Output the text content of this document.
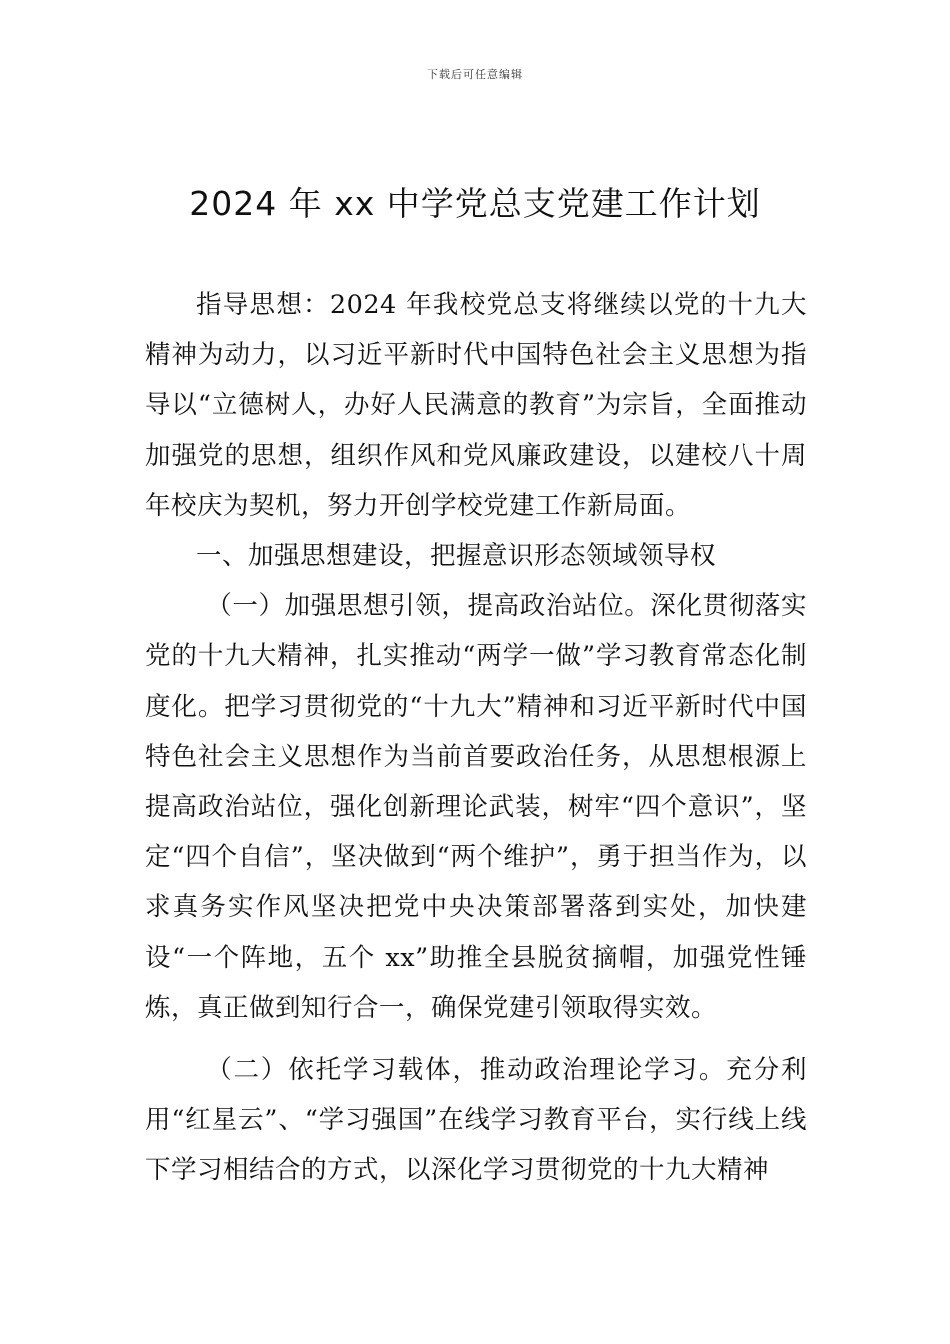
下载后可任意编辑
2024 年 xx 中学党总支党建工作计划

指导思想：2024 年我校党总支将继续以党的十九大精神为动力，以习近平新时代中国特色社会主义思想为指导以“立德树人，办好人民满意的教育”为宗旨，全面推动加强党的思想，组织作风和党风廉政建设，以建校八十周年校庆为契机，努力开创学校党建工作新局面。

一、加强思想建设，把握意识形态领域领导权

（一）加强思想引领，提高政治站位。深化贯彻落实党的十九大精神，扎实推动“两学一做”学习教育常态化制度化。把学习贯彻党的“十九大”精神和习近平新时代中国特色社会主义思想作为当前首要政治任务，从思想根源上提高政治站位，强化创新理论武装，树牢“四个意识”，坚定“四个自信”，坚决做到“两个维护”，勇于担当作为，以求真务实作风坚决把党中央决策部署落到实处，加快建设“一个阵地，五个 xx”助推全县脱贫摘帽，加强党性锤炼，真正做到知行合一，确保党建引领取得实效。

（二）依托学习载体，推动政治理论学习。充分利用“红星云”、“学习强国”在线学习教育平台，实行线上线下学习相结合的方式，以深化学习贯彻党的十九大精神
